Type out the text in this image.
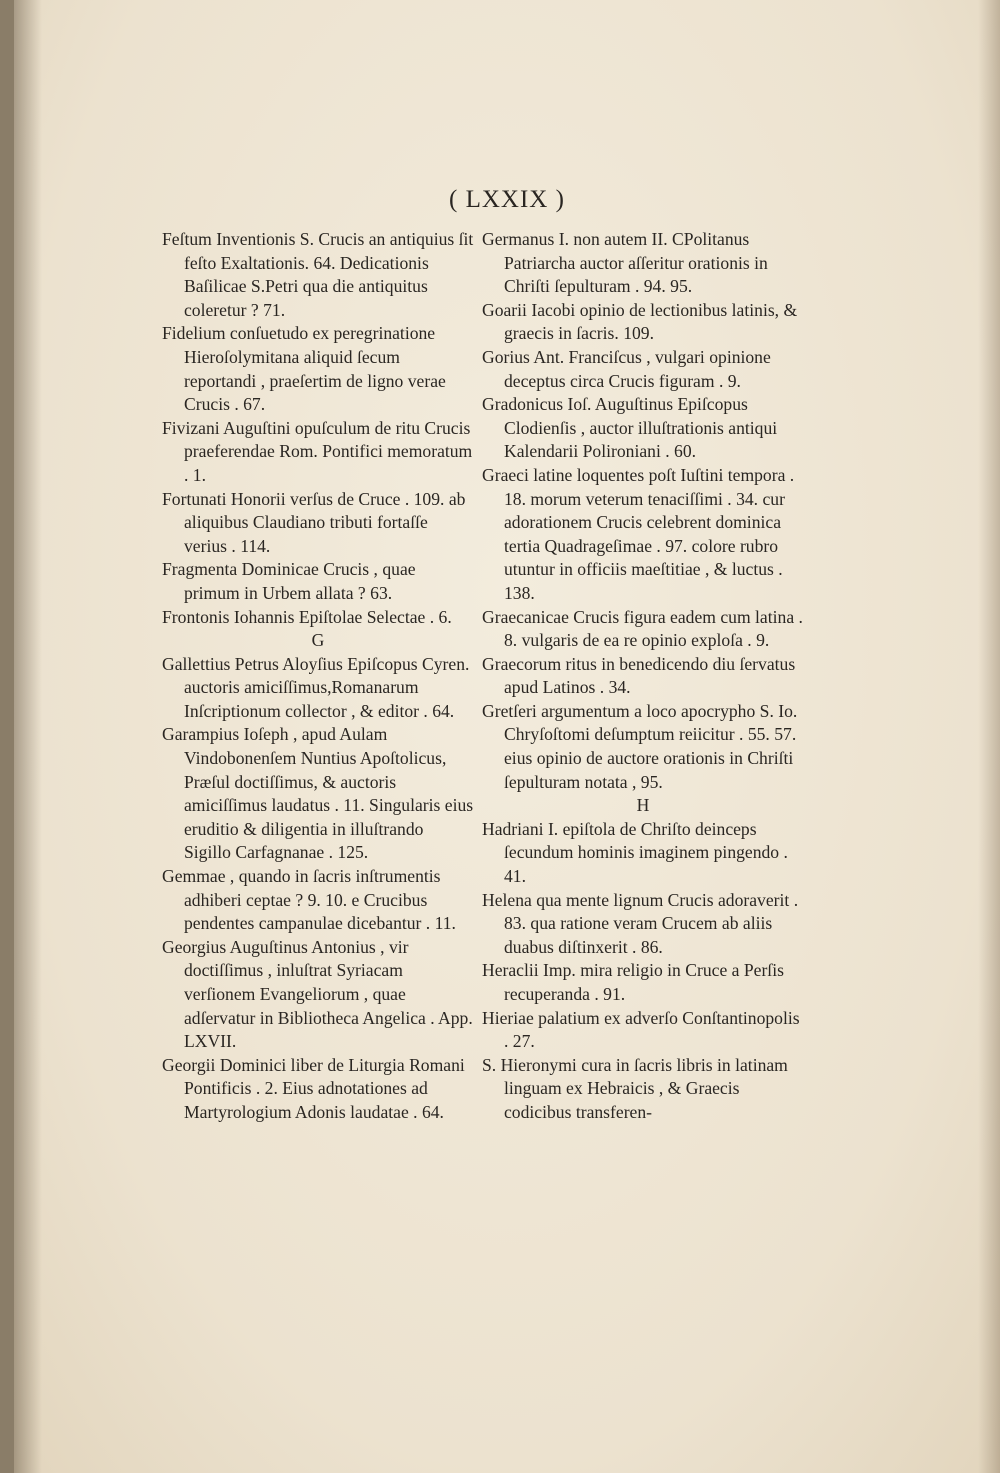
( LXXIX )
Feſtum Inventionis S. Crucis an antiquius ſit feſto Exaltationis. 64. Dedicationis Baſilicae S.Petri qua die antiquitus coleretur ? 71.
Fidelium conſuetudo ex peregrinatione Hieroſolymitana aliquid ſecum reportandi , praeſertim de ligno verae Crucis . 67.
Fivizani Auguſtini opuſculum de ritu Crucis praeferendae Rom. Pontifici memoratum . 1.
Fortunati Honorii verſus de Cruce . 109. ab aliquibus Claudiano tributi fortaſſe verius . 114.
Fragmenta Dominicae Crucis , quae primum in Urbem allata ? 63.
Frontonis Iohannis Epiſtolae Selectae . 6.
G
Gallettius Petrus Aloyſius Epiſcopus Cyren. auctoris amiciſſimus,Romanarum Inſcriptionum collector , & editor . 64.
Garampius Ioſeph , apud Aulam Vindobonenſem Nuntius Apoſtolicus, Præſul doctiſſimus, & auctoris amiciſſimus laudatus . 11. Singularis eius eruditio & diligentia in illuſtrando Sigillo Carfagnanae . 125.
Gemmae , quando in ſacris inſtrumentis adhiberi ceptae ? 9. 10. e Crucibus pendentes campanulae dicebantur . 11.
Georgius Auguſtinus Antonius , vir doctiſſimus , inluſtrat Syriacam verſionem Evangeliorum , quae adſervatur in Bibliotheca Angelica . App. LXVII.
Georgii Dominici liber de Liturgia Romani Pontificis . 2. Eius adnotationes ad Martyrologium Adonis laudatae . 64.
Germanus I. non autem II. CPolitanus Patriarcha auctor aſſeritur orationis in Chriſti ſepulturam . 94. 95.
Goarii Iacobi opinio de lectionibus latinis, & graecis in ſacris. 109.
Gorius Ant. Franciſcus , vulgari opinione deceptus circa Crucis figuram . 9.
Gradonicus Ioſ. Auguſtinus Epiſcopus Clodienſis , auctor illuſtrationis antiqui Kalendarii Polironiani . 60.
Graeci latine loquentes poſt Iuſtini tempora . 18. morum veterum tenaciſſimi . 34. cur adorationem Crucis celebrent dominica tertia Quadrageſimae . 97. colore rubro utuntur in officiis maeſtitiae , & luctus . 138.
Graecanicae Crucis figura eadem cum latina . 8. vulgaris de ea re opinio exploſa . 9.
Graecorum ritus in benedicendo diu ſervatus apud Latinos . 34.
Gretſeri argumentum a loco apocrypho S. Io. Chryſoſtomi deſumptum reiicitur . 55. 57. eius opinio de auctore orationis in Chriſti ſepulturam notata , 95.
H
Hadriani I. epiſtola de Chriſto deinceps ſecundum hominis imaginem pingendo . 41.
Helena qua mente lignum Crucis adoraverit . 83. qua ratione veram Crucem ab aliis duabus diſtinxerit . 86.
Heraclii Imp. mira religio in Cruce a Perſis recuperanda . 91.
Hieriae palatium ex adverſo Conſtantinopolis . 27.
S. Hieronymi cura in ſacris libris in latinam linguam ex Hebraicis , & Graecis codicibus transferen-
